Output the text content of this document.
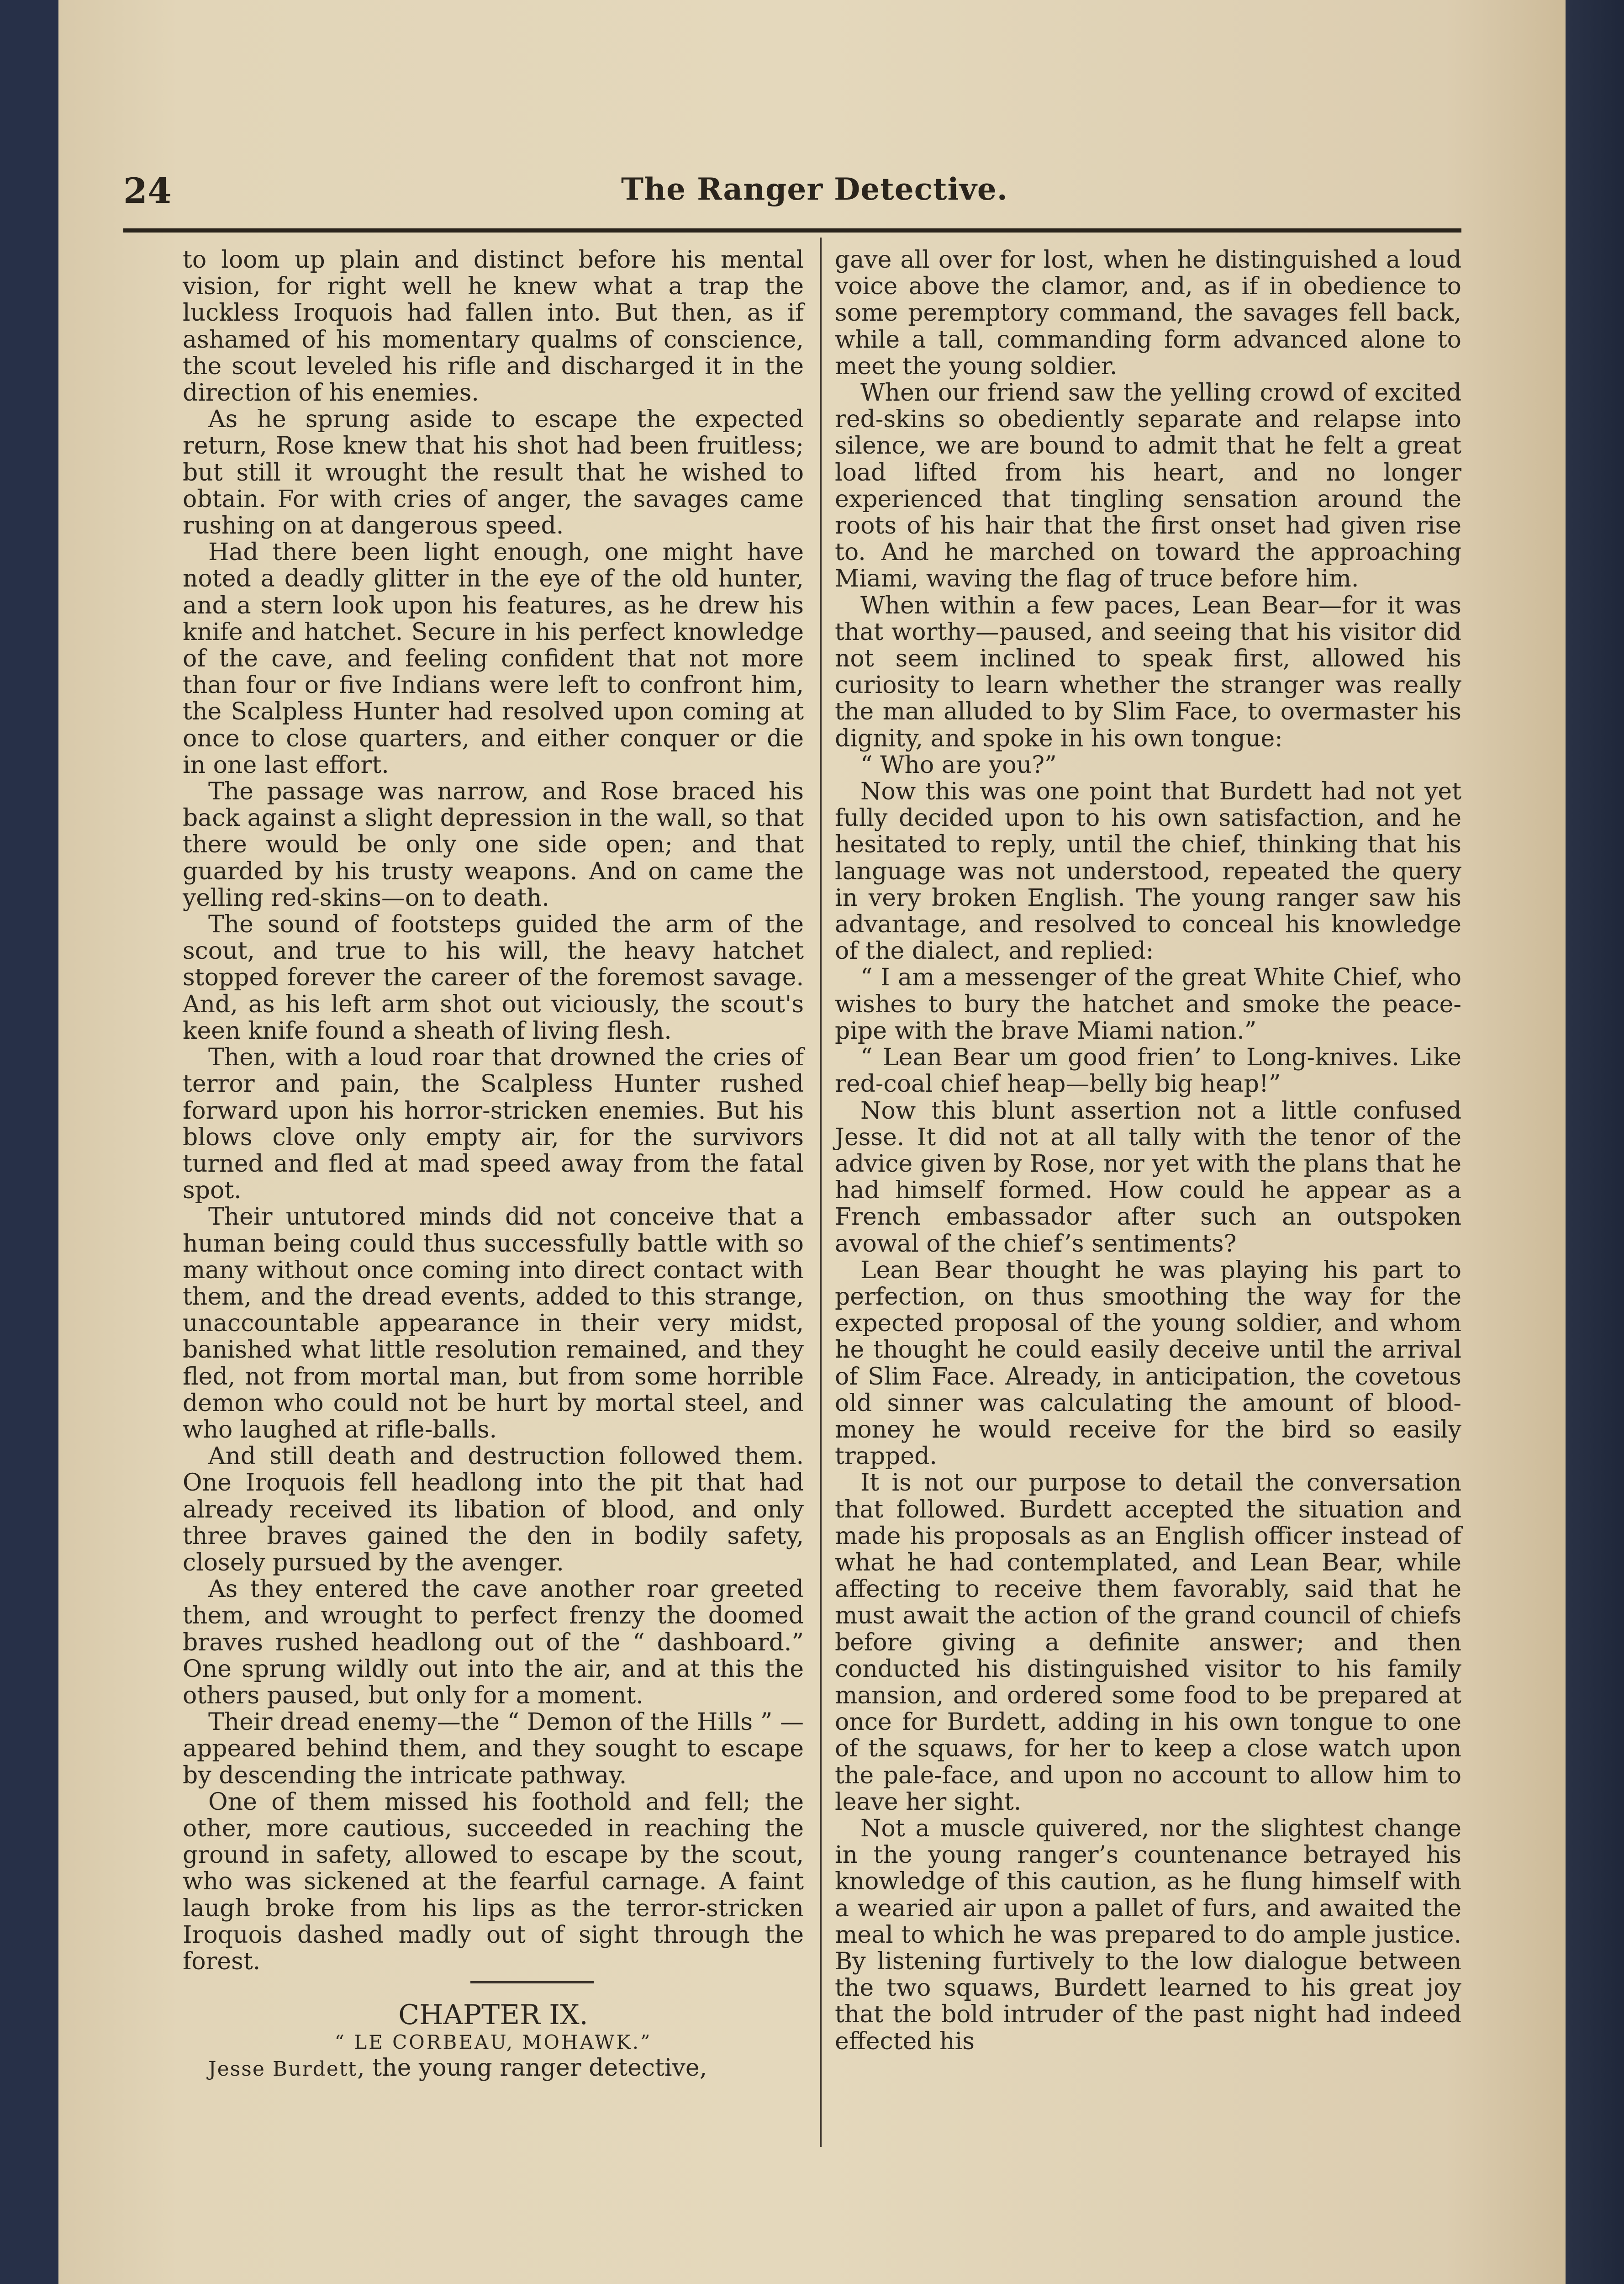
24	The Ranger Detective.

to loom up plain and distinct before his mental vision, for right well he knew what a trap the luckless Iroquois had fallen into. But then, as if ashamed of his momentary qualms of conscience, the scout leveled his rifle and discharged it in the direction of his enemies.

As he sprung aside to escape the expected return, Rose knew that his shot had been fruitless; but still it wrought the result that he wished to obtain. For with cries of anger, the savages came rushing on at dangerous speed.

Had there been light enough, one might have noted a deadly glitter in the eye of the old hunter, and a stern look upon his features, as he drew his knife and hatchet. Secure in his perfect knowledge of the cave, and feeling confident that not more than four or five Indians were left to confront him, the Scalpless Hunter had resolved upon coming at once to close quarters, and either conquer or die in one last effort.

The passage was narrow, and Rose braced his back against a slight depression in the wall, so that there would be only one side open; and that guarded by his trusty weapons. And on came the yelling red-skins—on to death.

The sound of footsteps guided the arm of the scout, and true to his will, the heavy hatchet stopped forever the career of the foremost savage. And, as his left arm shot out viciously, the scout's keen knife found a sheath of living flesh.

Then, with a loud roar that drowned the cries of terror and pain, the Scalpless Hunter rushed forward upon his horror-stricken enemies. But his blows clove only empty air, for the survivors turned and fled at mad speed away from the fatal spot.

Their untutored minds did not conceive that a human being could thus successfully battle with so many without once coming into direct contact with them, and the dread events, added to this strange, unaccountable appearance in their very midst, banished what little resolution remained, and they fled, not from mortal man, but from some horrible demon who could not be hurt by mortal steel, and who laughed at rifle-balls.

And still death and destruction followed them. One Iroquois fell headlong into the pit that had already received its libation of blood, and only three braves gained the den in bodily safety, closely pursued by the avenger.

As they entered the cave another roar greeted them, and wrought to perfect frenzy the doomed braves rushed headlong out of the “ dashboard.” One sprung wildly out into the air, and at this the others paused, but only for a moment.

Their dread enemy—the “ Demon of the Hills ” —appeared behind them, and they sought to escape by descending the intricate pathway.

One of them missed his foothold and fell; the other, more cautious, succeeded in reaching the ground in safety, allowed to escape by the scout, who was sickened at the fearful carnage. A faint laugh broke from his lips as the terror-stricken Iroquois dashed madly out of sight through the forest.

CHAPTER IX.

“ LE CORBEAU, MOHAWK.”

Jesse Burdett, the young ranger detective,

gave all over for lost, when he distinguished a loud voice above the clamor, and, as if in obedience to some peremptory command, the savages fell back, while a tall, commanding form advanced alone to meet the young soldier.

When our friend saw the yelling crowd of excited red-skins so obediently separate and relapse into silence, we are bound to admit that he felt a great load lifted from his heart, and no longer experienced that tingling sensation around the roots of his hair that the first onset had given rise to. And he marched on toward the approaching Miami, waving the flag of truce before him.

When within a few paces, Lean Bear—for it was that worthy—paused, and seeing that his visitor did not seem inclined to speak first, allowed his curiosity to learn whether the stranger was really the man alluded to by Slim Face, to overmaster his dignity, and spoke in his own tongue:

“ Who are you?”

Now this was one point that Burdett had not yet fully decided upon to his own satisfaction, and he hesitated to reply, until the chief, thinking that his language was not understood, repeated the query in very broken English. The young ranger saw his advantage, and resolved to conceal his knowledge of the dialect, and replied:

“ I am a messenger of the great White Chief, who wishes to bury the hatchet and smoke the peace-pipe with the brave Miami nation.”

“ Lean Bear um good frien’ to Long-knives. Like red-coal chief heap—belly big heap!”

Now this blunt assertion not a little confused Jesse. It did not at all tally with the tenor of the advice given by Rose, nor yet with the plans that he had himself formed. How could he appear as a French embassador after such an outspoken avowal of the chief’s sentiments?

Lean Bear thought he was playing his part to perfection, on thus smoothing the way for the expected proposal of the young soldier, and whom he thought he could easily deceive until the arrival of Slim Face. Already, in anticipation, the covetous old sinner was calculating the amount of blood-money he would receive for the bird so easily trapped.

It is not our purpose to detail the conversation that followed. Burdett accepted the situation and made his proposals as an English officer instead of what he had contemplated, and Lean Bear, while affecting to receive them favorably, said that he must await the action of the grand council of chiefs before giving a definite answer; and then conducted his distinguished visitor to his family mansion, and ordered some food to be prepared at once for Burdett, adding in his own tongue to one of the squaws, for her to keep a close watch upon the pale-face, and upon no account to allow him to leave her sight.

Not a muscle quivered, nor the slightest change in the young ranger’s countenance betrayed his knowledge of this caution, as he flung himself with a wearied air upon a pallet of furs, and awaited the meal to which he was prepared to do ample justice. By listening furtively to the low dialogue between the two squaws, Burdett learned to his great joy that the bold intruder of the past night had indeed effected his
